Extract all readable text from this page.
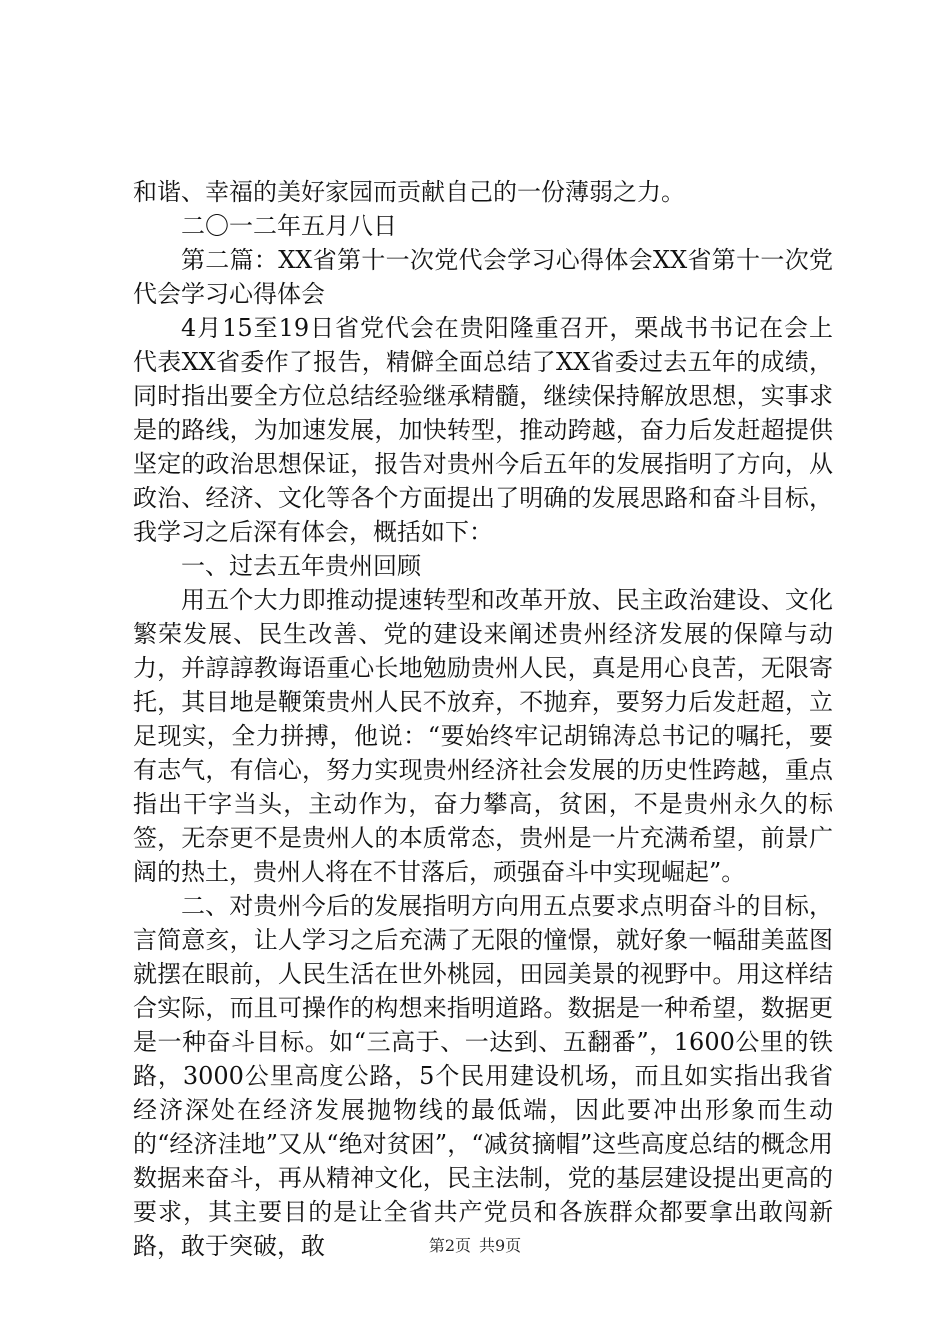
和谐、幸福的美好家园而贡献自己的一份薄弱之力。

二〇一二年五月八日

第二篇：XX省第十一次党代会学习心得体会XX省第十一次党代会学习心得体会

4月15至19日省党代会在贵阳隆重召开，栗战书书记在会上代表XX省委作了报告，精僻全面总结了XX省委过去五年的成绩，同时指出要全方位总结经验继承精髓，继续保持解放思想，实事求是的路线，为加速发展，加快转型，推动跨越，奋力后发赶超提供坚定的政治思想保证，报告对贵州今后五年的发展指明了方向，从政治、经济、文化等各个方面提出了明确的发展思路和奋斗目标，我学习之后深有体会，概括如下：

一、过去五年贵州回顾

用五个大力即推动提速转型和改革开放、民主政治建设、文化繁荣发展、民生改善、党的建设来阐述贵州经济发展的保障与动力，并諄諄教诲语重心长地勉励贵州人民，真是用心良苦，无限寄托，其目地是鞭策贵州人民不放弃，不抛弃，要努力后发赶超，立足现实，全力拼搏，他说：“要始终牢记胡锦涛总书记的嘱托，要有志气，有信心，努力实现贵州经济社会发展的历史性跨越，重点指出干字当头，主动作为，奋力攀高，贫困，不是贵州永久的标签，无奈更不是贵州人的本质常态，贵州是一片充满希望，前景广阔的热土，贵州人将在不甘落后，顽强奋斗中实现崛起”。

二、对贵州今后的发展指明方向用五点要求点明奋斗的目标，言简意亥，让人学习之后充满了无限的憧憬，就好象一幅甜美蓝图就摆在眼前，人民生活在世外桃园，田园美景的视野中。用这样结合实际，而且可操作的构想来指明道路。数据是一种希望，数据更是一种奋斗目标。如“三高于、一达到、五翻番”，1600公里的铁路，3000公里高度公路，5个民用建设机场，而且如实指出我省经济深处在经济发展抛物线的最低端，因此要冲出形象而生动的“经济洼地”又从“绝对贫困”，“减贫摘帽”这些高度总结的概念用数据来奋斗，再从精神文化，民主法制，党的基层建设提出更高的要求，其主要目的是让全省共产党员和各族群众都要拿出敢闯新路，敢于突破，敢	第2页 共9页
